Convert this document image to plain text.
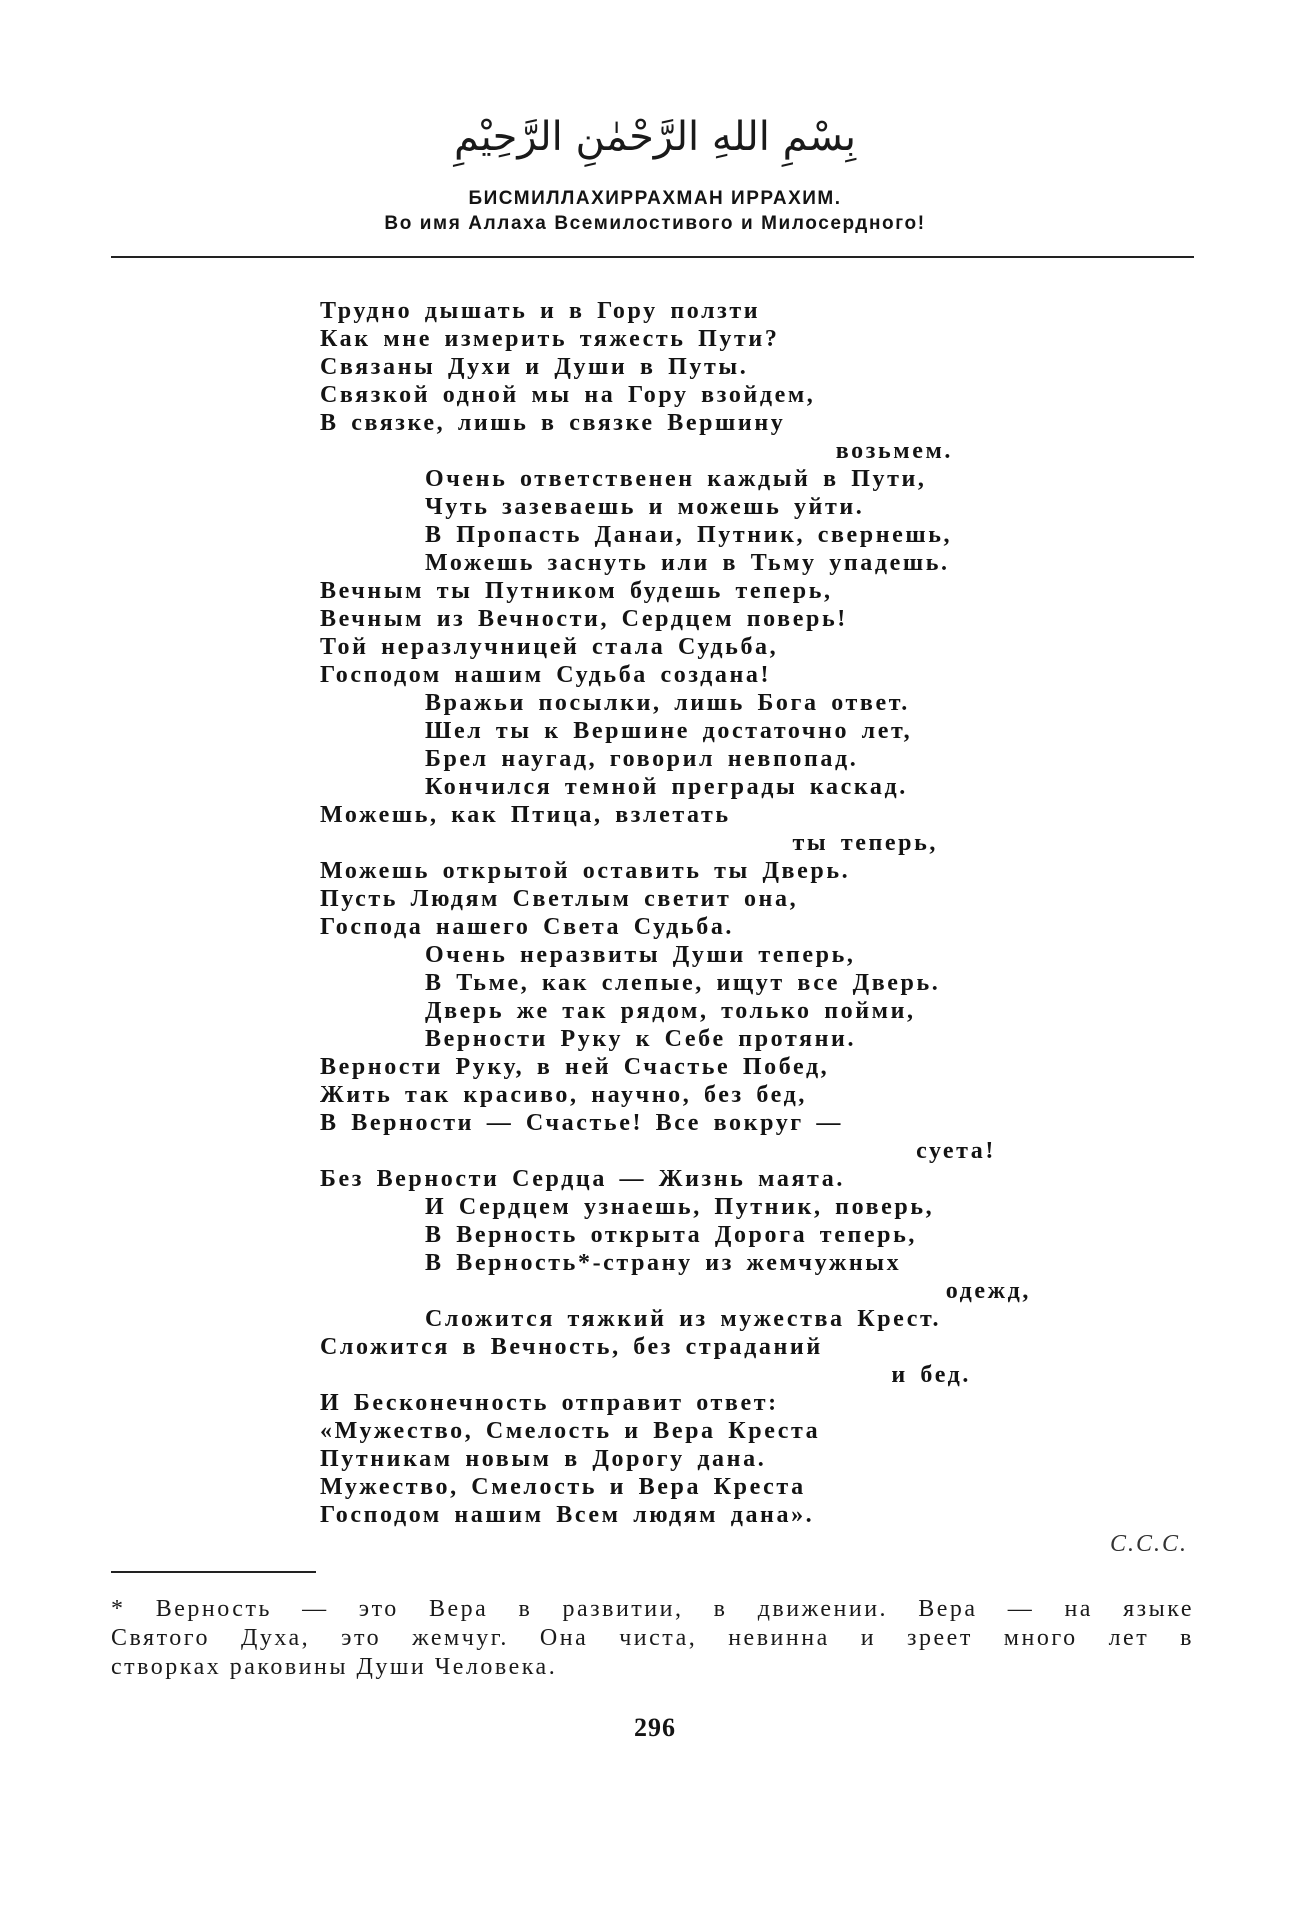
بِسْمِ اللهِ الرَّحْمٰنِ الرَّحِيْمِ
БИСМИЛЛАХИРРАХМАН ИРРАХИМ.
Во имя Аллаха Всемилостивого и Милосердного!
Трудно дышать и в Гору ползти
Как мне измерить тяжесть Пути?
Связаны Духи и Души в Путы.
Связкой одной мы на Гору взойдем,
В связке, лишь в связке Вершину
возьмем.
Очень ответственен каждый в Пути,
Чуть зазеваешь и можешь уйти.
В Пропасть Данаи, Путник, свернешь,
Можешь заснуть или в Тьму упадешь.
Вечным ты Путником будешь теперь,
Вечным из Вечности, Сердцем поверь!
Той неразлучницей стала Судьба,
Господом нашим Судьба создана!
Вражьи посылки, лишь Бога ответ.
Шел ты к Вершине достаточно лет,
Брел наугад, говорил невпопад.
Кончился темной преграды каскад.
Можешь, как Птица, взлетать
ты теперь,
Можешь открытой оставить ты Дверь.
Пусть Людям Светлым светит она,
Господа нашего Света Судьба.
Очень неразвиты Души теперь,
В Тьме, как слепые, ищут все Дверь.
Дверь же так рядом, только пойми,
Верности Руку к Себе протяни.
Верности Руку, в ней Счастье Побед,
Жить так красиво, научно, без бед,
В Верности — Счастье! Все вокруг —
суета!
Без Верности Сердца — Жизнь маята.
И Сердцем узнаешь, Путник, поверь,
В Верность открыта Дорога теперь,
В Верность*-страну из жемчужных
одежд,
Сложится тяжкий из мужества Крест.
Сложится в Вечность, без страданий
и бед.
И Бесконечность отправит ответ:
«Мужество, Смелость и Вера Креста
Путникам новым в Дорогу дана.
Мужество, Смелость и Вера Креста
Господом нашим Всем людям дана».
С.С.С.
* Верность — это Вера в развитии, в движении. Вера — на языке
Святого Духа, это жемчуг. Она чиста, невинна и зреет много лет в
створках раковины Души Человека.
296
